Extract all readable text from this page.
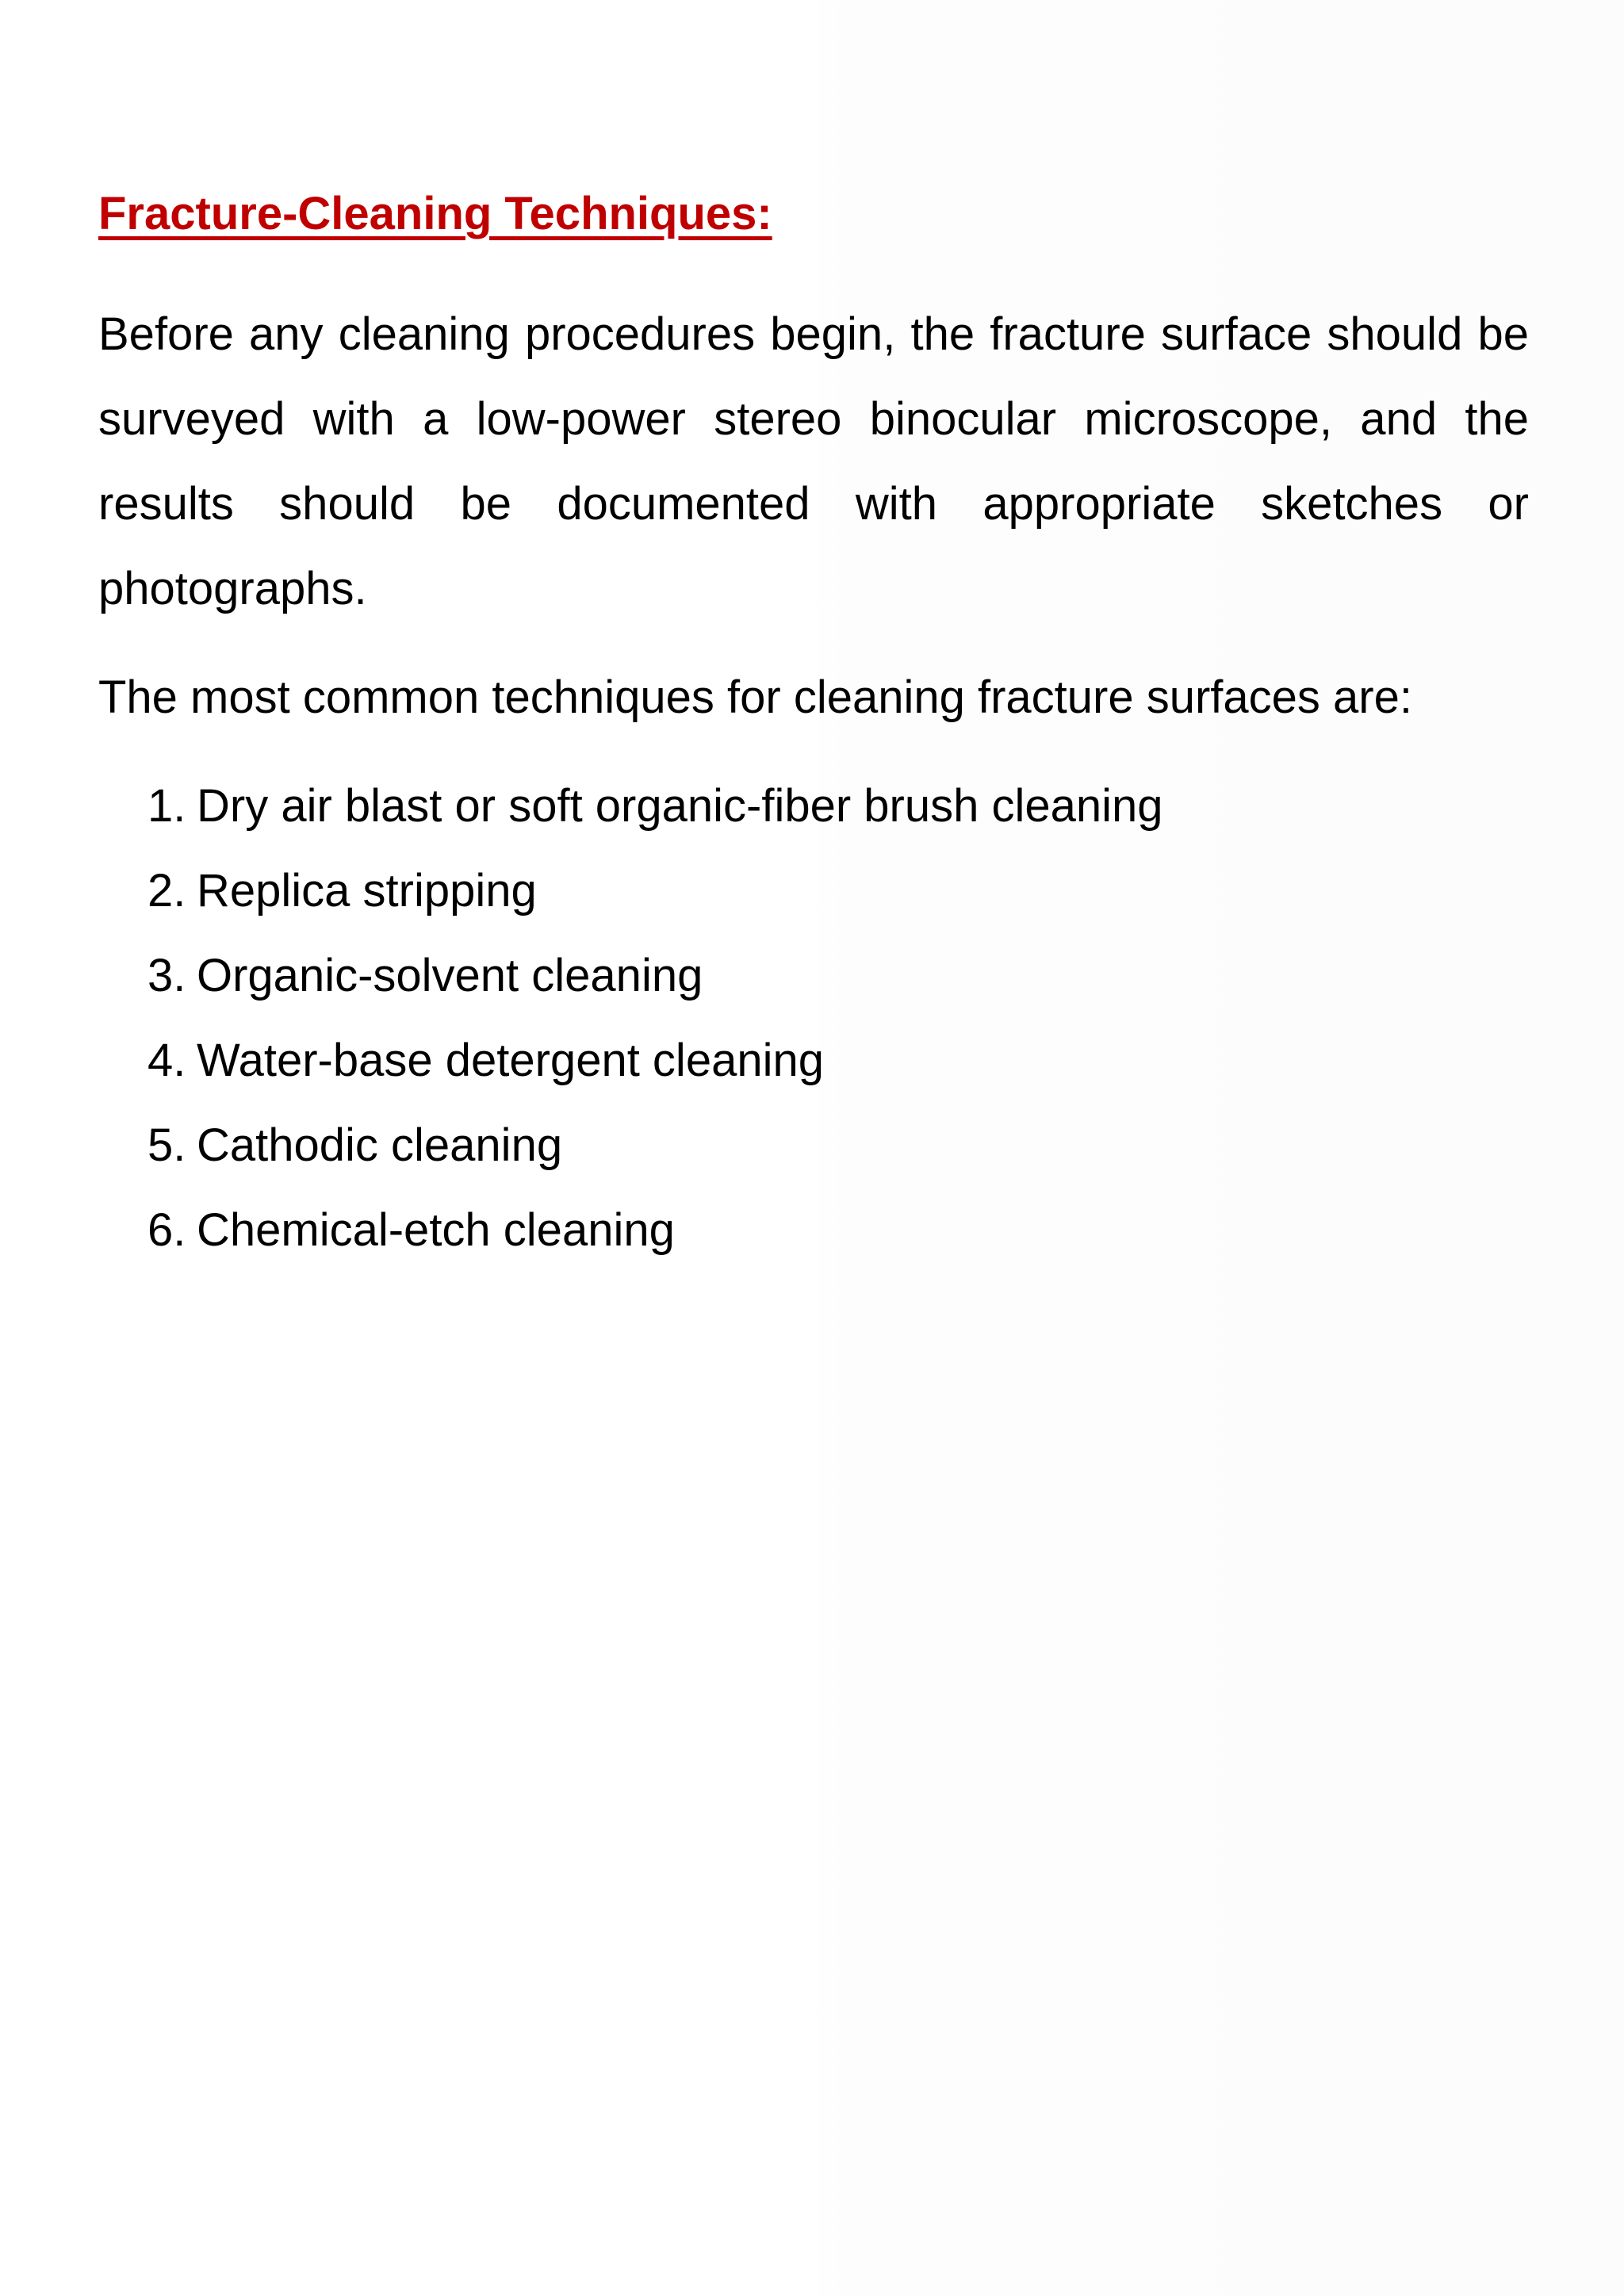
Fracture-Cleaning Techniques:

Before any cleaning procedures begin, the fracture surface should be surveyed with a low-power stereo binocular microscope, and the results should be documented with appropriate sketches or photographs.

The most common techniques for cleaning fracture surfaces are:

1. Dry air blast or soft organic-fiber brush cleaning
2. Replica stripping
3. Organic-solvent cleaning
4. Water-base detergent cleaning
5. Cathodic cleaning
6. Chemical-etch cleaning
